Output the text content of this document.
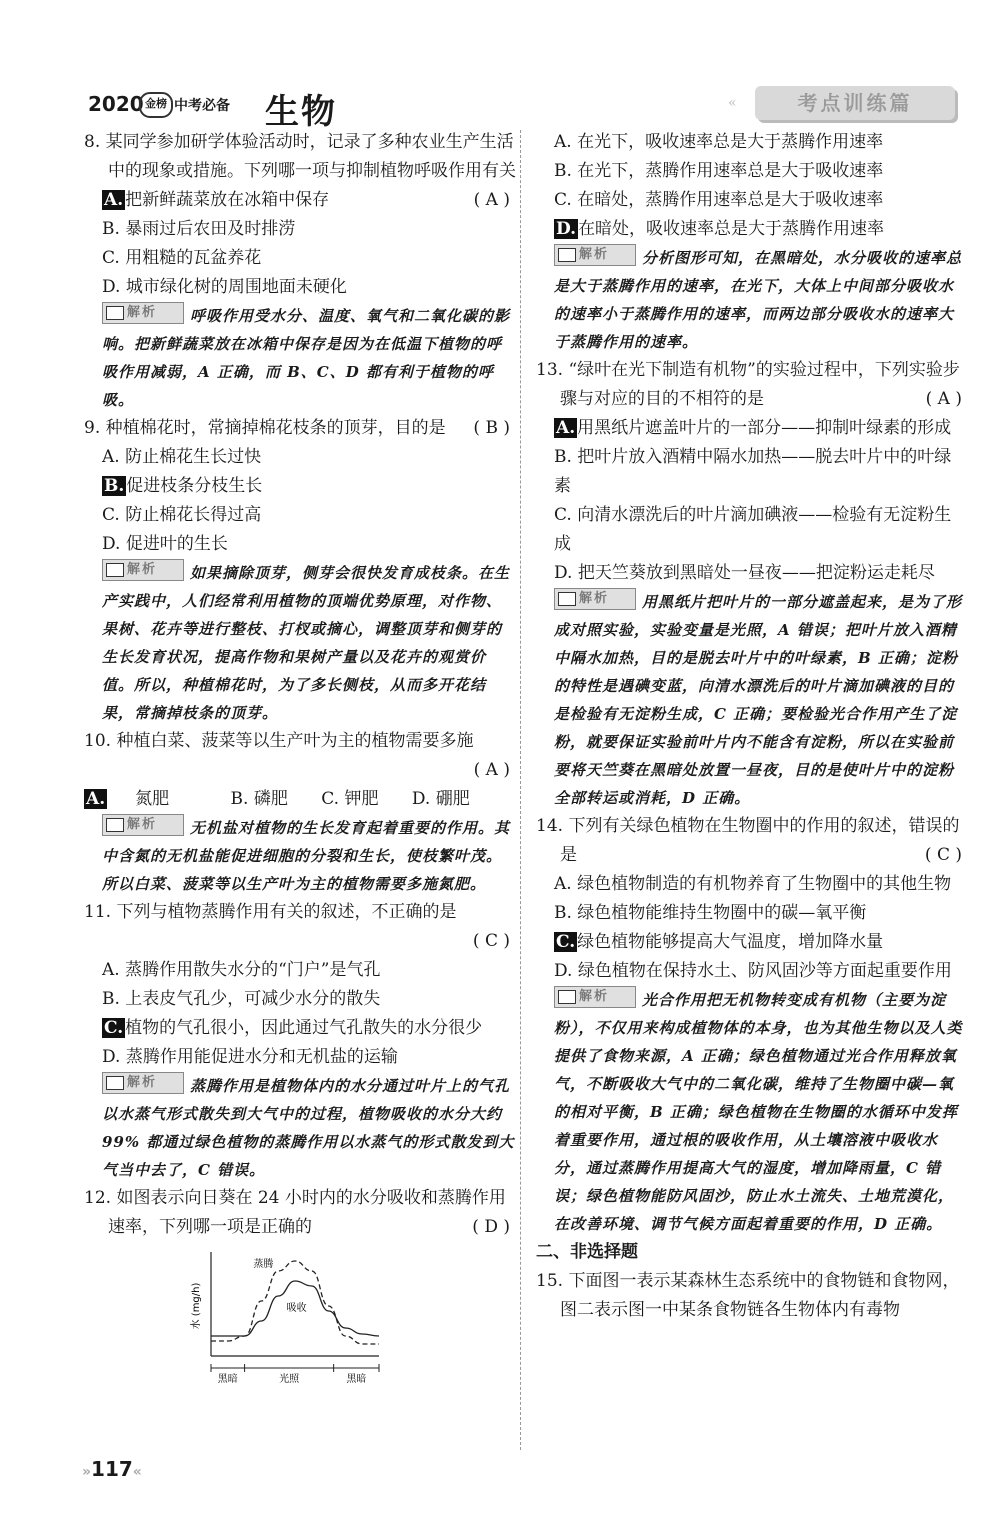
2020 金榜 中考必备 生物	«	考点训练篇
8. 某同学参加研学体验活动时，记录了多种农业生产生活中的现象或措施。下列哪一项与抑制植物呼吸作用有关
( A )
A. 把新鲜蔬菜放在冰箱中保存
B. 暴雨过后农田及时排涝
C. 用粗糙的瓦盆养花
D. 城市绿化树的周围地面未硬化
解析 呼吸作用受水分、温度、氧气和二氧化碳的影响。把新鲜蔬菜放在冰箱中保存是因为在低温下植物的呼吸作用减弱，A 正确，而 B、C、D 都有利于植物的呼吸。
9. 种植棉花时，常摘掉棉花枝条的顶芽，目的是 ( B )
A. 防止棉花生长过快
B. 促进枝条分枝生长
C. 防止棉花长得过高
D. 促进叶的生长
解析 如果摘除顶芽，侧芽会很快发育成枝条。在生产实践中，人们经常利用植物的顶端优势原理，对作物、果树、花卉等进行整枝、打杈或摘心，调整顶芽和侧芽的生长发育状况，提高作物和果树产量以及花卉的观赏价值。所以，种植棉花时，为了多长侧枝，从而多开花结果，常摘掉枝条的顶芽。
10. 种植白菜、菠菜等以生产叶为主的植物需要多施
( A )
A. 氮肥	B. 磷肥 C. 钾肥 D. 硼肥
解析 无机盐对植物的生长发育起着重要的作用。其中含氮的无机盐能促进细胞的分裂和生长，使枝繁叶茂。所以白菜、菠菜等以生产叶为主的植物需要多施氮肥。
11. 下列与植物蒸腾作用有关的叙述，不正确的是
( C )
A. 蒸腾作用散失水分的“门户”是气孔
B. 上表皮气孔少，可减少水分的散失
C. 植物的气孔很小，因此通过气孔散失的水分很少
D. 蒸腾作用能促进水分和无机盐的运输
解析 蒸腾作用是植物体内的水分通过叶片上的气孔以水蒸气形式散失到大气中的过程，植物吸收的水分大约 99% 都通过绿色植物的蒸腾作用以水蒸气的形式散发到大气当中去了，C 错误。
12. 如图表示向日葵在 24 小时内的水分吸收和蒸腾作用速率，下列哪一项是正确的	( D )
水 (mg/h)
蒸腾
吸收
黑暗	光照	黑暗
A. 在光下，吸收速率总是大于蒸腾作用速率
B. 在光下，蒸腾作用速率总是大于吸收速率
C. 在暗处，蒸腾作用速率总是大于吸收速率
D. 在暗处，吸收速率总是大于蒸腾作用速率
解析 分析图形可知，在黑暗处，水分吸收的速率总是大于蒸腾作用的速率，在光下，大体上中间部分吸收水的速率小于蒸腾作用的速率，而两边部分吸收水的速率大于蒸腾作用的速率。
13. “绿叶在光下制造有机物”的实验过程中，下列实验步骤与对应的目的不相符的是	( A )
A. 用黑纸片遮盖叶片的一部分——抑制叶绿素的形成
B. 把叶片放入酒精中隔水加热——脱去叶片中的叶绿素
C. 向清水漂洗后的叶片滴加碘液——检验有无淀粉生成
D. 把天竺葵放到黑暗处一昼夜——把淀粉运走耗尽
解析 用黑纸片把叶片的一部分遮盖起来，是为了形成对照实验，实验变量是光照，A 错误；把叶片放入酒精中隔水加热，目的是脱去叶片中的叶绿素，B 正确；淀粉的特性是遇碘变蓝，向清水漂洗后的叶片滴加碘液的目的是检验有无淀粉生成，C 正确；要检验光合作用产生了淀粉，就要保证实验前叶片内不能含有淀粉，所以在实验前要将天竺葵在黑暗处放置一昼夜，目的是使叶片中的淀粉全部转运或消耗，D 正确。
14. 下列有关绿色植物在生物圈中的作用的叙述，错误的是	( C )
A. 绿色植物制造的有机物养育了生物圈中的其他生物
B. 绿色植物能维持生物圈中的碳—氧平衡
C. 绿色植物能够提高大气温度，增加降水量
D. 绿色植物在保持水土、防风固沙等方面起重要作用
解析 光合作用把无机物转变成有机物（主要为淀粉），不仅用来构成植物体的本身，也为其他生物以及人类提供了食物来源，A 正确；绿色植物通过光合作用释放氧气，不断吸收大气中的二氧化碳，维持了生物圈中碳—氧的相对平衡，B 正确；绿色植物在生物圈的水循环中发挥着重要作用，通过根的吸收作用，从土壤溶液中吸收水分，通过蒸腾作用提高大气的湿度，增加降雨量，C 错误；绿色植物能防风固沙，防止水土流失、土地荒漠化，在改善环境、调节气候方面起着重要的作用，D 正确。
二、非选择题
15. 下面图一表示某森林生态系统中的食物链和食物网，图二表示图一中某条食物链各生物体内有毒物
»117«
